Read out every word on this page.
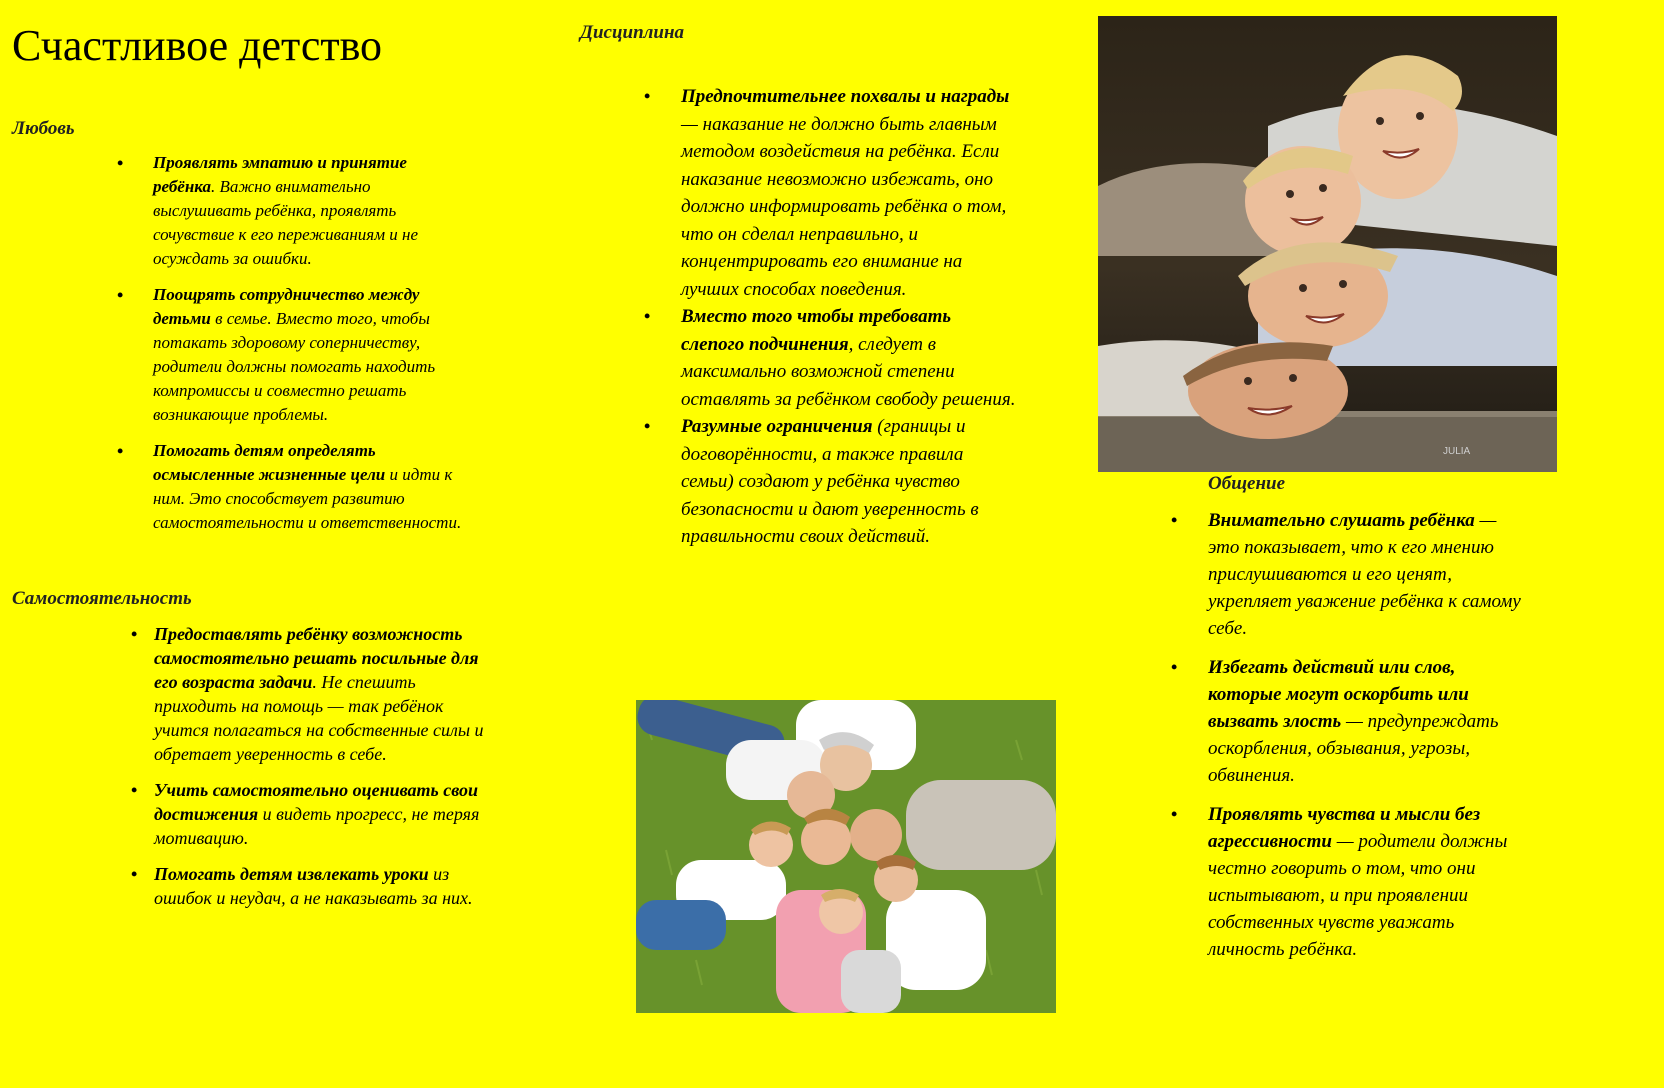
Счастливое детство
Любовь
• Проявлять эмпатию и принятие ребёнка. Важно внимательно выслушивать ребёнка, проявлять сочувствие к его переживаниям и не осуждать за ошибки.
• Поощрять сотрудничество между детьми в семье. Вместо того, чтобы потакать здоровому соперничеству, родители должны помогать находить компромиссы и совместно решать возникающие проблемы.
• Помогать детям определять осмысленные жизненные цели и идти к ним. Это способствует развитию самостоятельности и ответственности.
Самостоятельность
• Предоставлять ребёнку возможность самостоятельно решать посильные для его возраста задачи. Не спешить приходить на помощь — так ребёнок учится полагаться на собственные силы и обретает уверенность в себе.
• Учить самостоятельно оценивать свои достижения и видеть прогресс, не теряя мотивацию.
• Помогать детям извлекать уроки из ошибок и неудач, а не наказывать за них.
Дисциплина
• Предпочтительнее похвалы и награды — наказание не должно быть главным методом воздействия на ребёнка. Если наказание невозможно избежать, оно должно информировать ребёнка о том, что он сделал неправильно, и концентрировать его внимание на лучших способах поведения.
• Вместо того чтобы требовать слепого подчинения, следует в максимально возможной степени оставлять за ребёнком свободу решения.
• Разумные ограничения (границы и договорённости, а также правила семьи) создают у ребёнка чувство безопасности и дают уверенность в правильности своих действий.
JULIA
Общение
• Внимательно слушать ребёнка — это показывает, что к его мнению прислушиваются и его ценят, укрепляет уважение ребёнка к самому себе.
• Избегать действий или слов, которые могут оскорбить или вызвать злость — предупреждать оскорбления, обзывания, угрозы, обвинения.
• Проявлять чувства и мысли без агрессивности — родители должны честно говорить о том, что они испытывают, и при проявлении собственных чувств уважать личность ребёнка.
